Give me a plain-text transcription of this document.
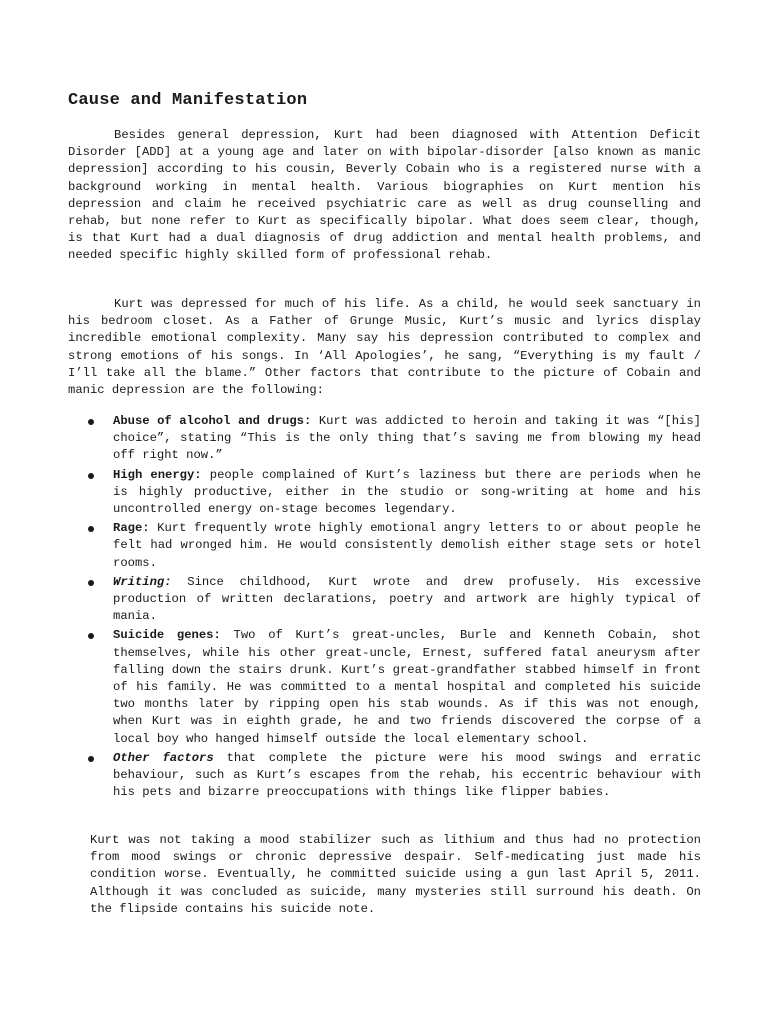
Cause and Manifestation

Besides general depression, Kurt had been diagnosed with Attention Deficit Disorder [ADD] at a young age and later on with bipolar-disorder [also known as manic depression] according to his cousin, Beverly Cobain who is a registered nurse with a background working in mental health. Various biographies on Kurt mention his depression and claim he received psychiatric care as well as drug counselling and rehab, but none refer to Kurt as specifically bipolar. What does seem clear, though, is that Kurt had a dual diagnosis of drug addiction and mental health problems, and needed specific highly skilled form of professional rehab.

Kurt was depressed for much of his life. As a child, he would seek sanctuary in his bedroom closet. As a Father of Grunge Music, Kurt’s music and lyrics display incredible emotional complexity. Many say his depression contributed to complex and strong emotions of his songs. In ‘All Apologies’, he sang, “Everything is my fault / I’ll take all the blame.” Other factors that contribute to the picture of Cobain and manic depression are the following:

Abuse of alcohol and drugs: Kurt was addicted to heroin and taking it was “[his] choice”, stating “This is the only thing that’s saving me from blowing my head off right now.”
High energy: people complained of Kurt’s laziness but there are periods when he is highly productive, either in the studio or song-writing at home and his uncontrolled energy on-stage becomes legendary.
Rage: Kurt frequently wrote highly emotional angry letters to or about people he felt had wronged him. He would consistently demolish either stage sets or hotel rooms.
Writing: Since childhood, Kurt wrote and drew profusely. His excessive production of written declarations, poetry and artwork are highly typical of mania.
Suicide genes: Two of Kurt’s great-uncles, Burle and Kenneth Cobain, shot themselves, while his other great-uncle, Ernest, suffered fatal aneurysm after falling down the stairs drunk. Kurt’s great-grandfather stabbed himself in front of his family. He was committed to a mental hospital and completed his suicide two months later by ripping open his stab wounds. As if this was not enough, when Kurt was in eighth grade, he and two friends discovered the corpse of a local boy who hanged himself outside the local elementary school.
Other factors that complete the picture were his mood swings and erratic behaviour, such as Kurt’s escapes from the rehab, his eccentric behaviour with his pets and bizarre preoccupations with things like flipper babies.

Kurt was not taking a mood stabilizer such as lithium and thus had no protection from mood swings or chronic depressive despair. Self-medicating just made his condition worse. Eventually, he committed suicide using a gun last April 5, 2011. Although it was concluded as suicide, many mysteries still surround his death. On the flipside contains his suicide note.
